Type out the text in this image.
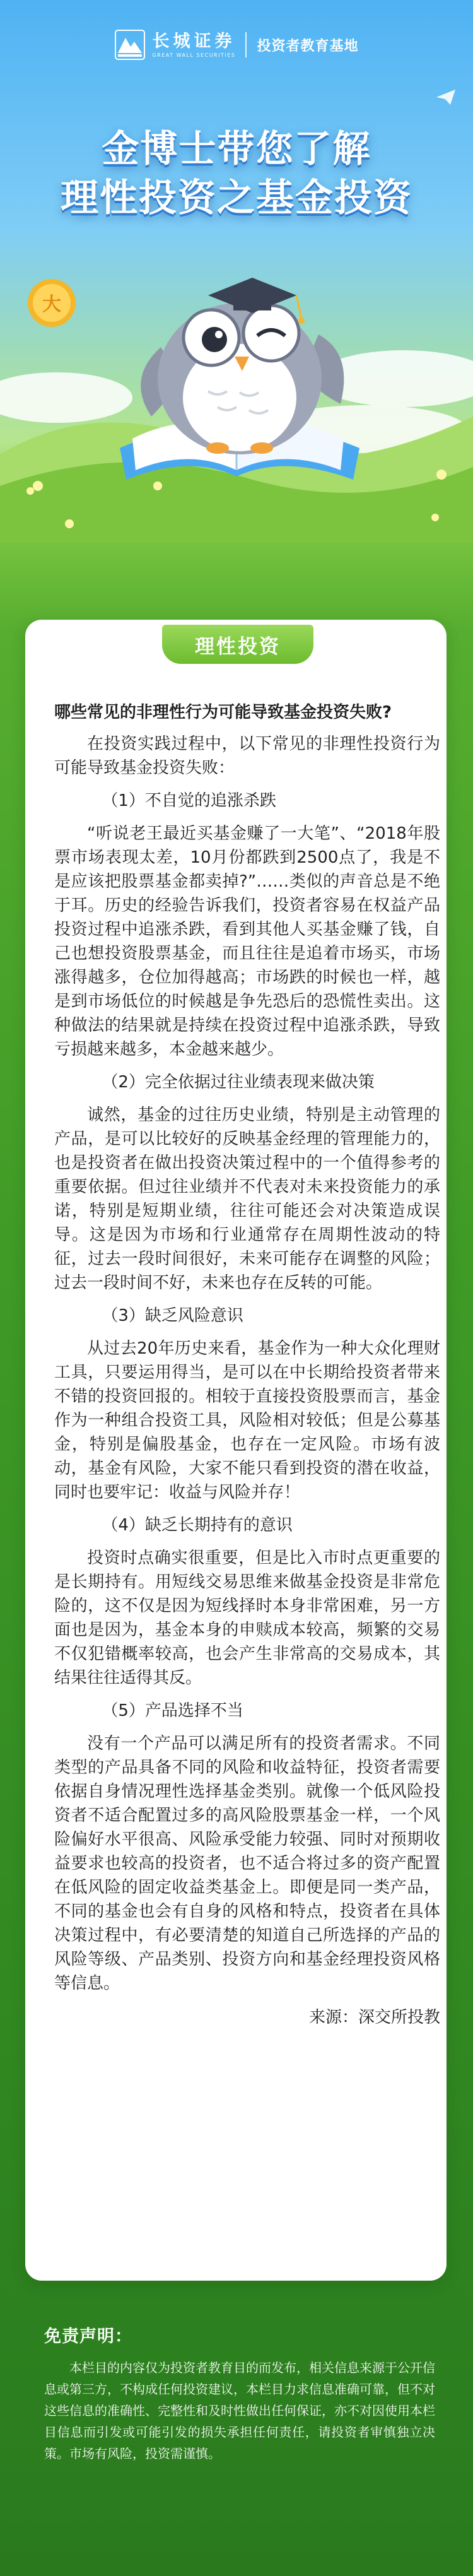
长城证券
GREAT WALL SECURITIES
投资者教育基地
金博士带您了解
理性投资之基金投资
大
理性投资
哪些常见的非理性行为可能导致基金投资失败?

在投资实践过程中，以下常见的非理性投资行为可能导致基金投资失败：

（1）不自觉的追涨杀跌

“听说老王最近买基金赚了一大笔”、“2018年股票市场表现太差，10月份都跌到2500点了，我是不是应该把股票基金都卖掉?”……类似的声音总是不绝于耳。历史的经验告诉我们，投资者容易在权益产品投资过程中追涨杀跌，看到其他人买基金赚了钱，自己也想投资股票基金，而且往往是追着市场买，市场涨得越多，仓位加得越高；市场跌的时候也一样，越是到市场低位的时候越是争先恐后的恐慌性卖出。这种做法的结果就是持续在投资过程中追涨杀跌，导致亏损越来越多，本金越来越少。

（2）完全依据过往业绩表现来做决策

诚然，基金的过往历史业绩，特别是主动管理的产品，是可以比较好的反映基金经理的管理能力的，也是投资者在做出投资决策过程中的一个值得参考的重要依据。但过往业绩并不代表对未来投资能力的承诺，特别是短期业绩，往往可能还会对决策造成误导。这是因为市场和行业通常存在周期性波动的特征，过去一段时间很好，未来可能存在调整的风险；过去一段时间不好，未来也存在反转的可能。

（3）缺乏风险意识

从过去20年历史来看，基金作为一种大众化理财工具，只要运用得当，是可以在中长期给投资者带来不错的投资回报的。相较于直接投资股票而言，基金作为一种组合投资工具，风险相对较低；但是公募基金，特别是偏股基金，也存在一定风险。市场有波动，基金有风险，大家不能只看到投资的潜在收益，同时也要牢记：收益与风险并存！

（4）缺乏长期持有的意识

投资时点确实很重要，但是比入市时点更重要的是长期持有。用短线交易思维来做基金投资是非常危险的，这不仅是因为短线择时本身非常困难，另一方面也是因为，基金本身的申赎成本较高，频繁的交易不仅犯错概率较高，也会产生非常高的交易成本，其结果往往适得其反。

（5）产品选择不当

没有一个产品可以满足所有的投资者需求。不同类型的产品具备不同的风险和收益特征，投资者需要依据自身情况理性选择基金类别。就像一个低风险投资者不适合配置过多的高风险股票基金一样，一个风险偏好水平很高、风险承受能力较强、同时对预期收益要求也较高的投资者，也不适合将过多的资产配置在低风险的固定收益类基金上。即便是同一类产品，不同的基金也会有自身的风格和特点，投资者在具体决策过程中，有必要清楚的知道自己所选择的产品的风险等级、产品类别、投资方向和基金经理投资风格等信息。

来源：深交所投教

免责声明：
本栏目的内容仅为投资者教育目的而发布，相关信息来源于公开信息或第三方，不构成任何投资建议，本栏目力求信息准确可靠，但不对这些信息的准确性、完整性和及时性做出任何保证，亦不对因使用本栏目信息而引发或可能引发的损失承担任何责任，请投资者审慎独立决策。市场有风险，投资需谨慎。
